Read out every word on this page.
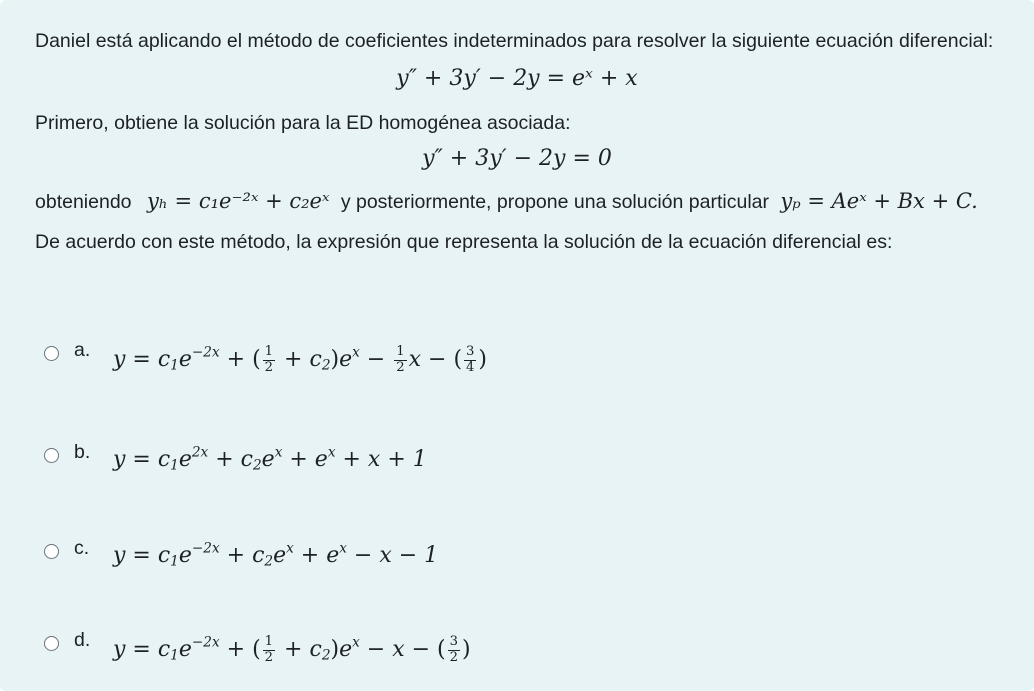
Daniel está aplicando el método de coeficientes indeterminados para resolver la siguiente ecuación diferencial:
y″ + 3y′ − 2y = eˣ + x
Primero, obtiene la solución para la ED homogénea asociada:
y″ + 3y′ − 2y = 0
obteniendo yₕ = c₁e⁻²ˣ + c₂eˣ y posteriormente, propone una solución particular yₚ = Aeˣ + Bx + C.
De acuerdo con este método, la expresión que representa la solución de la ecuación diferencial es:
a. $y = c_1e^{-2x}$ + ( $\frac{1}{2} + c_2)e^x - \frac{1}{2}$ x − ( $\frac{3}{4}$ )
b. $y = c_1e^{2x} + c_2e^x + e^x + x + 1$
c. $y = c_1e^{-2x} + c_2e^x + e^x - x - 1$
d. $y = c_1e^{-2x}$ + ( $\frac{1}{2} + c_2)e^x - x$ − ( $\frac{3}{2}$ )
